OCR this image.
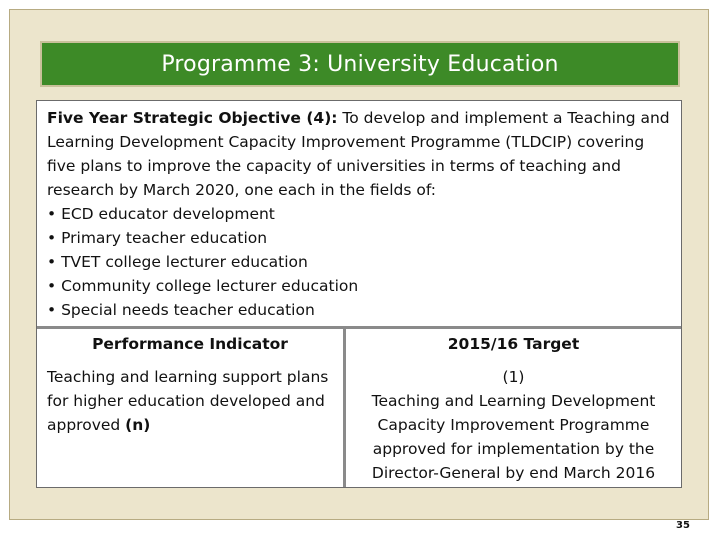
Programme 3: University Education

Five Year Strategic Objective (4): To develop and implement a Teaching and Learning Development Capacity Improvement Programme (TLDCIP) covering five plans to improve the capacity of universities in terms of teaching and research by March 2020, one each in the fields of:

• ECD educator development
• Primary teacher education
• TVET college lecturer education
• Community college lecturer education
• Special needs teacher education
Performance Indicator	2015/16 Target
Teaching and learning support plans for higher education developed and approved (n)
(1)
Teaching and Learning Development Capacity Improvement Programme approved for implementation by the Director-General by end March 2016
35
